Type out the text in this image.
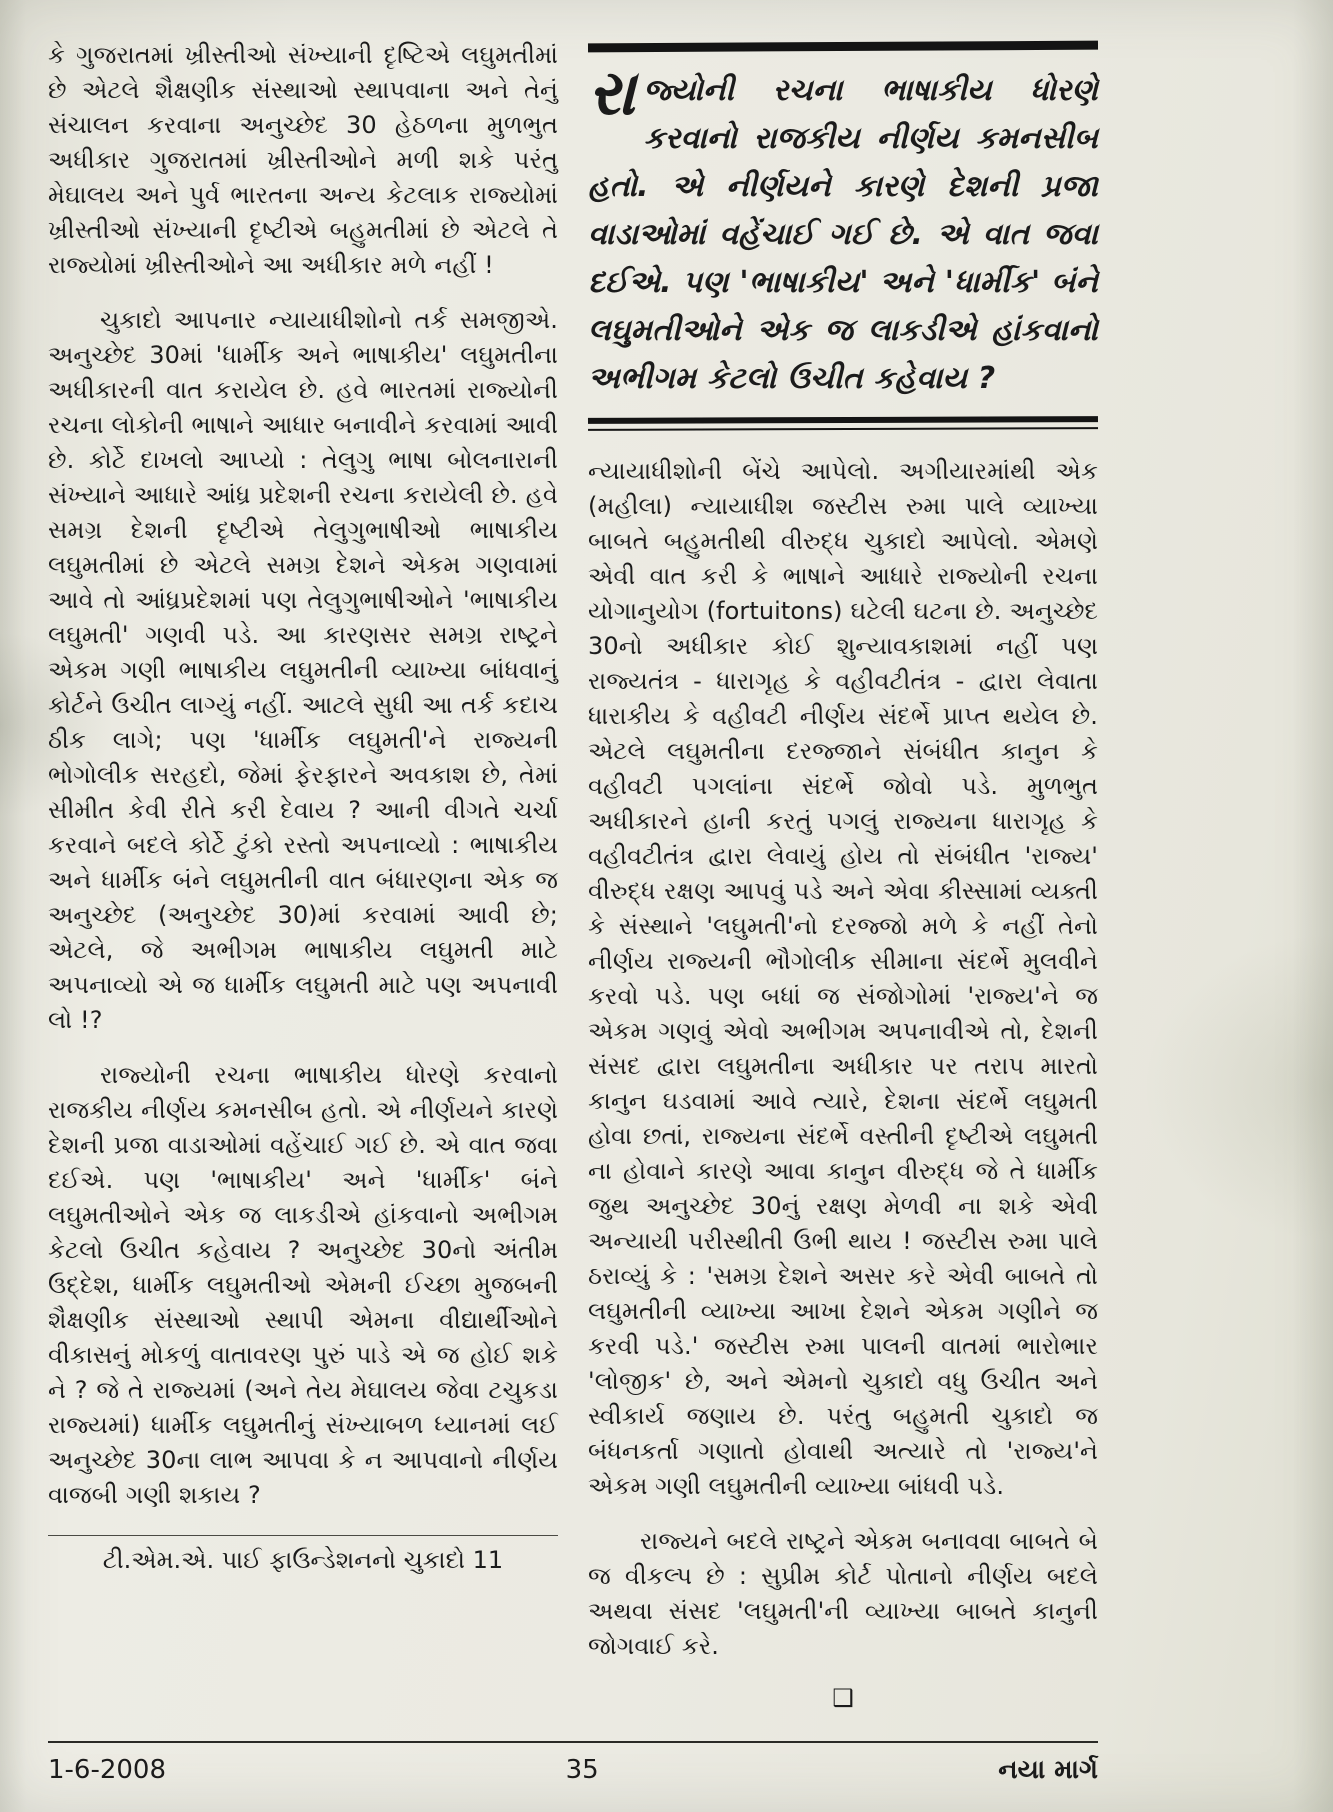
કે ગુજરાતમાં ખ્રીસ્તીઓ સંખ્યાની દૃષ્ટિએ લઘુમતીમાં છે એટલે શૈક્ષણીક સંસ્થાઓ સ્થાપવાના અને તેનું સંચાલન કરવાના અનુચ્છેદ 30 હેઠળના મુળભુત અધીકાર ગુજરાતમાં ખ્રીસ્તીઓને મળી શકે પરંતુ મેઘાલય અને પુર્વ ભારતના અન્ય કેટલાક રાજ્યોમાં ખ્રીસ્તીઓ સંખ્યાની દૃષ્ટીએ બહુમતીમાં છે એટલે તે રાજ્યોમાં ખ્રીસ્તીઓને આ અધીકાર મળે નહીં !

ચુકાદો આપનાર ન્યાયાધીશોનો તર્ક સમજીએ. અનુચ્છેદ 30માં 'ધાર્મીક અને ભાષાકીય' લઘુમતીના અધીકારની વાત કરાયેલ છે. હવે ભારતમાં રાજ્યોની રચના લોકોની ભાષાને આધાર બનાવીને કરવામાં આવી છે. કોર્ટે દાખલો આપ્યો : તેલુગુ ભાષા બોલનારાની સંખ્યાને આધારે આંધ્ર પ્રદેશની રચના કરાયેલી છે. હવે સમગ્ર દેશની દૃષ્ટીએ તેલુગુભાષીઓ ભાષાકીય લઘુમતીમાં છે એટલે સમગ્ર દેશને એકમ ગણવામાં આવે તો આંધ્રપ્રદેશમાં પણ તેલુગુભાષીઓને 'ભાષાકીય લઘુમતી' ગણવી પડે. આ કારણસર સમગ્ર રાષ્ટ્રને એકમ ગણી ભાષાકીય લઘુમતીની વ્યાખ્યા બાંધવાનું કોર્ટને ઉચીત લાગ્યું નહીં. આટલે સુધી આ તર્ક કદાચ ઠીક લાગે; પણ 'ધાર્મીક લઘુમતી'ને રાજ્યની ભોગોલીક સરહદો, જેમાં ફેરફારને અવકાશ છે, તેમાં સીમીત કેવી રીતે કરી દેવાય ? આની વીગતે ચર્ચા કરવાને બદલે કોર્ટે ટુંકો રસ્તો અપનાવ્યો : ભાષાકીય અને ધાર્મીક બંને લઘુમતીની વાત બંધારણના એક જ અનુચ્છેદ (અનુચ્છેદ 30)માં કરવામાં આવી છે; એટલે, જે અભીગમ ભાષાકીય લઘુમતી માટે અપનાવ્યો એ જ ધાર્મીક લઘુમતી માટે પણ અપનાવી લો !?

રાજ્યોની રચના ભાષાકીય ધોરણે કરવાનો રાજકીય નીર્ણય કમનસીબ હતો. એ નીર્ણયને કારણે દેશની પ્રજા વાડાઓમાં વહેંચાઈ ગઈ છે. એ વાત જવા દઈએ. પણ 'ભાષાકીય' અને 'ધાર્મીક' બંને લઘુમતીઓને એક જ લાકડીએ હાંકવાનો અભીગમ કેટલો ઉચીત કહેવાય ? અનુચ્છેદ 30નો અંતીમ ઉદ્દેશ, ધાર્મીક લઘુમતીઓ એમની ઈચ્છા મુજબની શૈક્ષણીક સંસ્થાઓ સ્થાપી એમના વીદ્યાર્થીઓને વીકાસનું મોકળું વાતાવરણ પુરું પાડે એ જ હોઈ શકે ને ? જે તે રાજ્યમાં (અને તેય મેઘાલય જેવા ટચુકડા રાજ્યમાં) ધાર્મીક લઘુમતીનું સંખ્યાબળ ધ્યાનમાં લઈ અનુચ્છેદ 30ના લાભ આપવા કે ન આપવાનો નીર્ણય વાજબી ગણી શકાય ?

ટી.એમ.એ. પાઈ ફાઉન્ડેશનનો ચુકાદો 11
રાજ્યોની રચના ભાષાકીય ધોરણે કરવાનો રાજકીય નીર્ણય કમનસીબ હતો. એ નીર્ણયને કારણે દેશની પ્રજા વાડાઓમાં વહેંચાઈ ગઈ છે. એ વાત જવા દઈએ. પણ 'ભાષાકીય' અને 'ધાર્મીક' બંને લઘુમતીઓને એક જ લાકડીએ હાંકવાનો અભીગમ કેટલો ઉચીત કહેવાય ?

ન્યાયાધીશોની બેંચે આપેલો. અગીયારમાંથી એક (મહીલા) ન્યાયાધીશ જસ્ટીસ રુમા પાલે વ્યાખ્યા બાબતે બહુમતીથી વીરુદ્ધ ચુકાદો આપેલો. એમણે એવી વાત કરી કે ભાષાને આધારે રાજ્યોની રચના યોગાનુયોગ (fortuitons) ઘટેલી ઘટના છે. અનુચ્છેદ 30નો અધીકાર કોઈ શુન્યાવકાશમાં નહીં પણ રાજ્યતંત્ર - ધારાગૃહ કે વહીવટીતંત્ર - દ્વારા લેવાતા ધારાકીય કે વહીવટી નીર્ણય સંદર્ભે પ્રાપ્ત થયેલ છે. એટલે લઘુમતીના દરજ્જાને સંબંધીત કાનુન કે વહીવટી પગલાંના સંદર્ભે જોવો પડે. મુળભુત અધીકારને હાની કરતું પગલું રાજ્યના ધારાગૃહ કે વહીવટીતંત્ર દ્વારા લેવાયું હોય તો સંબંધીત 'રાજ્ય' વીરુદ્ધ રક્ષણ આપવું પડે અને એવા કીસ્સામાં વ્યક્તી કે સંસ્થાને 'લઘુમતી'નો દરજ્જો મળે કે નહીં તેનો નીર્ણય રાજ્યની ભૌગોલીક સીમાના સંદર્ભે મુલવીને કરવો પડે. પણ બધાં જ સંજોગોમાં 'રાજ્ય'ને જ એકમ ગણવું એવો અભીગમ અપનાવીએ તો, દેશની સંસદ દ્વારા લઘુમતીના અધીકાર પર તરાપ મારતો કાનુન ઘડવામાં આવે ત્યારે, દેશના સંદર્ભે લઘુમતી હોવા છતાં, રાજ્યના સંદર્ભે વસ્તીની દૃષ્ટીએ લઘુમતી ના હોવાને કારણે આવા કાનુન વીરુદ્ધ જે તે ધાર્મીક જુથ અનુચ્છેદ 30નું રક્ષણ મેળવી ના શકે એવી અન્યાયી પરીસ્થીતી ઉભી થાય ! જસ્ટીસ રુમા પાલે ઠરાવ્યું કે : 'સમગ્ર દેશને અસર કરે એવી બાબતે તો લઘુમતીની વ્યાખ્યા આખા દેશને એકમ ગણીને જ કરવી પડે.' જસ્ટીસ રુમા પાલની વાતમાં ભારોભાર 'લોજીક' છે, અને એમનો ચુકાદો વધુ ઉચીત અને સ્વીકાર્ય જણાય છે. પરંતુ બહુમતી ચુકાદો જ બંધનકર્તા ગણાતો હોવાથી અત્યારે તો 'રાજ્ય'ને એકમ ગણી લઘુમતીની વ્યાખ્યા બાંધવી પડે.

રાજ્યને બદલે રાષ્ટ્રને એકમ બનાવવા બાબતે બે જ વીકલ્પ છે : સુપ્રીમ કોર્ટ પોતાનો નીર્ણય બદલે અથવા સંસદ 'લઘુમતી'ની વ્યાખ્યા બાબતે કાનુની જોગવાઈ કરે.

❑
1-6-2008	35	નયા માર્ગ
